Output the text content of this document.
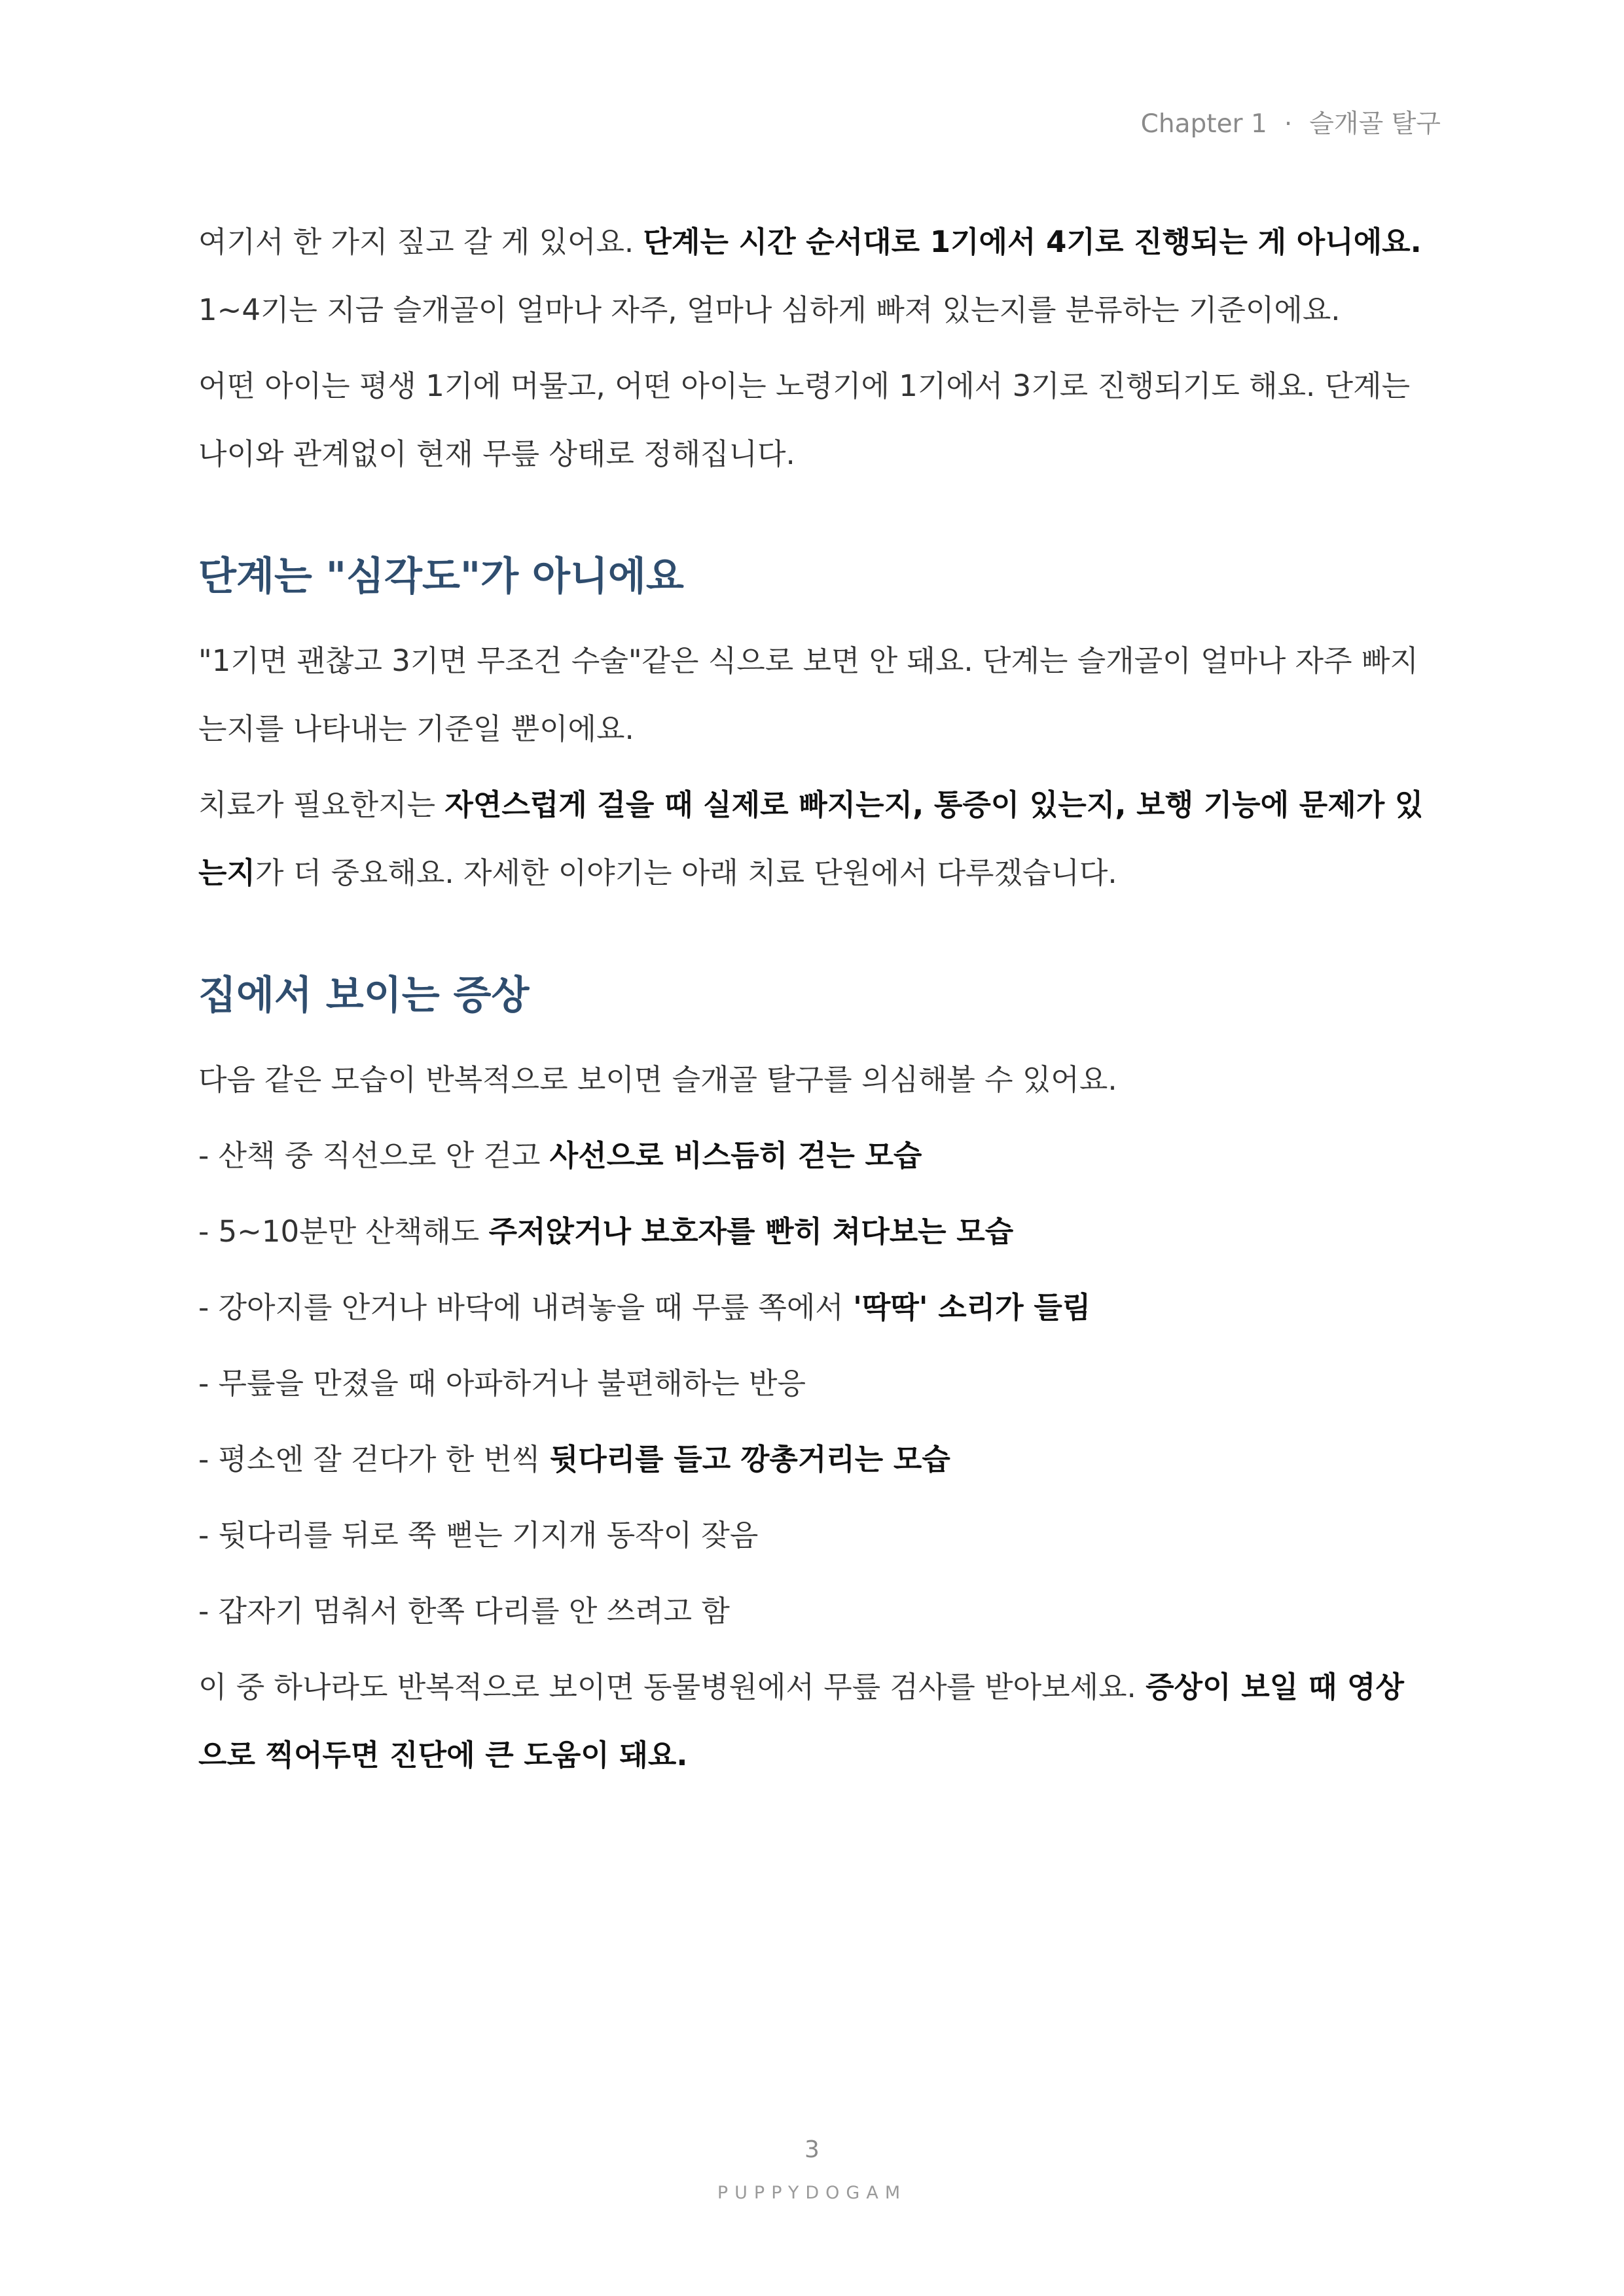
Chapter 1 · 슬개골 탈구

여기서 한 가지 짚고 갈 게 있어요. 단계는 시간 순서대로 1기에서 4기로 진행되는 게 아니에요. 1~4기는 지금 슬개골이 얼마나 자주, 얼마나 심하게 빠져 있는지를 분류하는 기준이에요.

어떤 아이는 평생 1기에 머물고, 어떤 아이는 노령기에 1기에서 3기로 진행되기도 해요. 단계는 나이와 관계없이 현재 무릎 상태로 정해집니다.

단계는 "심각도"가 아니에요

"1기면 괜찮고 3기면 무조건 수술"같은 식으로 보면 안 돼요. 단계는 슬개골이 얼마나 자주 빠지는지를 나타내는 기준일 뿐이에요.

치료가 필요한지는 자연스럽게 걸을 때 실제로 빠지는지, 통증이 있는지, 보행 기능에 문제가 있는지가 더 중요해요. 자세한 이야기는 아래 치료 단원에서 다루겠습니다.

집에서 보이는 증상

다음 같은 모습이 반복적으로 보이면 슬개골 탈구를 의심해볼 수 있어요.

- 산책 중 직선으로 안 걷고 사선으로 비스듬히 걷는 모습

- 5~10분만 산책해도 주저앉거나 보호자를 빤히 쳐다보는 모습

- 강아지를 안거나 바닥에 내려놓을 때 무릎 쪽에서 '딱딱' 소리가 들림

- 무릎을 만졌을 때 아파하거나 불편해하는 반응

- 평소엔 잘 걷다가 한 번씩 뒷다리를 들고 깡총거리는 모습

- 뒷다리를 뒤로 쭉 뻗는 기지개 동작이 잦음

- 갑자기 멈춰서 한쪽 다리를 안 쓰려고 함

이 중 하나라도 반복적으로 보이면 동물병원에서 무릎 검사를 받아보세요. 증상이 보일 때 영상으로 찍어두면 진단에 큰 도움이 돼요.

3
PUPPYDOGAM
